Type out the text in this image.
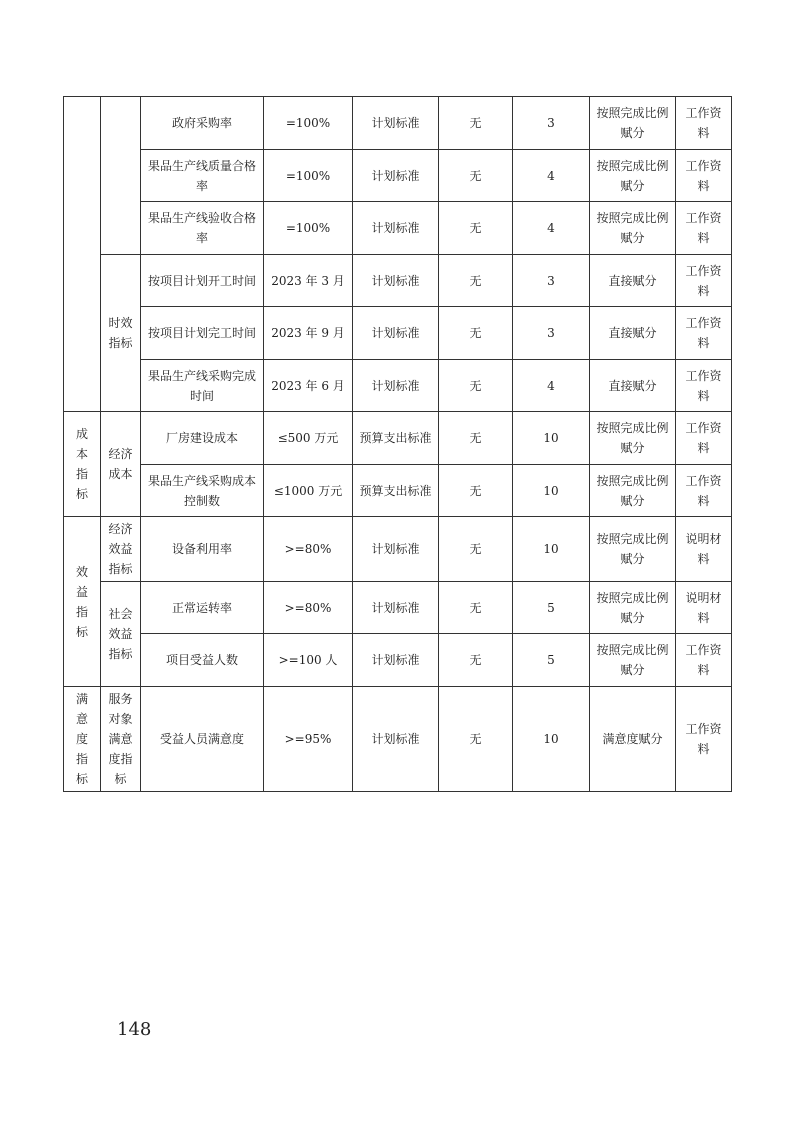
		政府采购率	=100%	计划标准	无	3	按照完成比例赋分	工作资料
		果品生产线质量合格率	=100%	计划标准	无	4	按照完成比例赋分	工作资料
		果品生产线验收合格率	=100%	计划标准	无	4	按照完成比例赋分	工作资料
	时效指标	按项目计划开工时间	2023 年 3 月	计划标准	无	3	直接赋分	工作资料
		按项目计划完工时间	2023 年 9 月	计划标准	无	3	直接赋分	工作资料
		果品生产线采购完成时间	2023 年 6 月	计划标准	无	4	直接赋分	工作资料
成本指标	经济成本	厂房建设成本	≤500 万元	预算支出标准	无	10	按照完成比例赋分	工作资料
		果品生产线采购成本控制数	≤1000 万元	预算支出标准	无	10	按照完成比例赋分	工作资料
效益指标	经济效益指标	设备利用率	>=80%	计划标准	无	10	按照完成比例赋分	说明材料
	社会效益指标	正常运转率	>=80%	计划标准	无	5	按照完成比例赋分	说明材料
		项目受益人数	>=100 人	计划标准	无	5	按照完成比例赋分	工作资料
满意度指标	服务对象满意度指标	受益人员满意度	>=95%	计划标准	无	10	满意度赋分	工作资料
148
